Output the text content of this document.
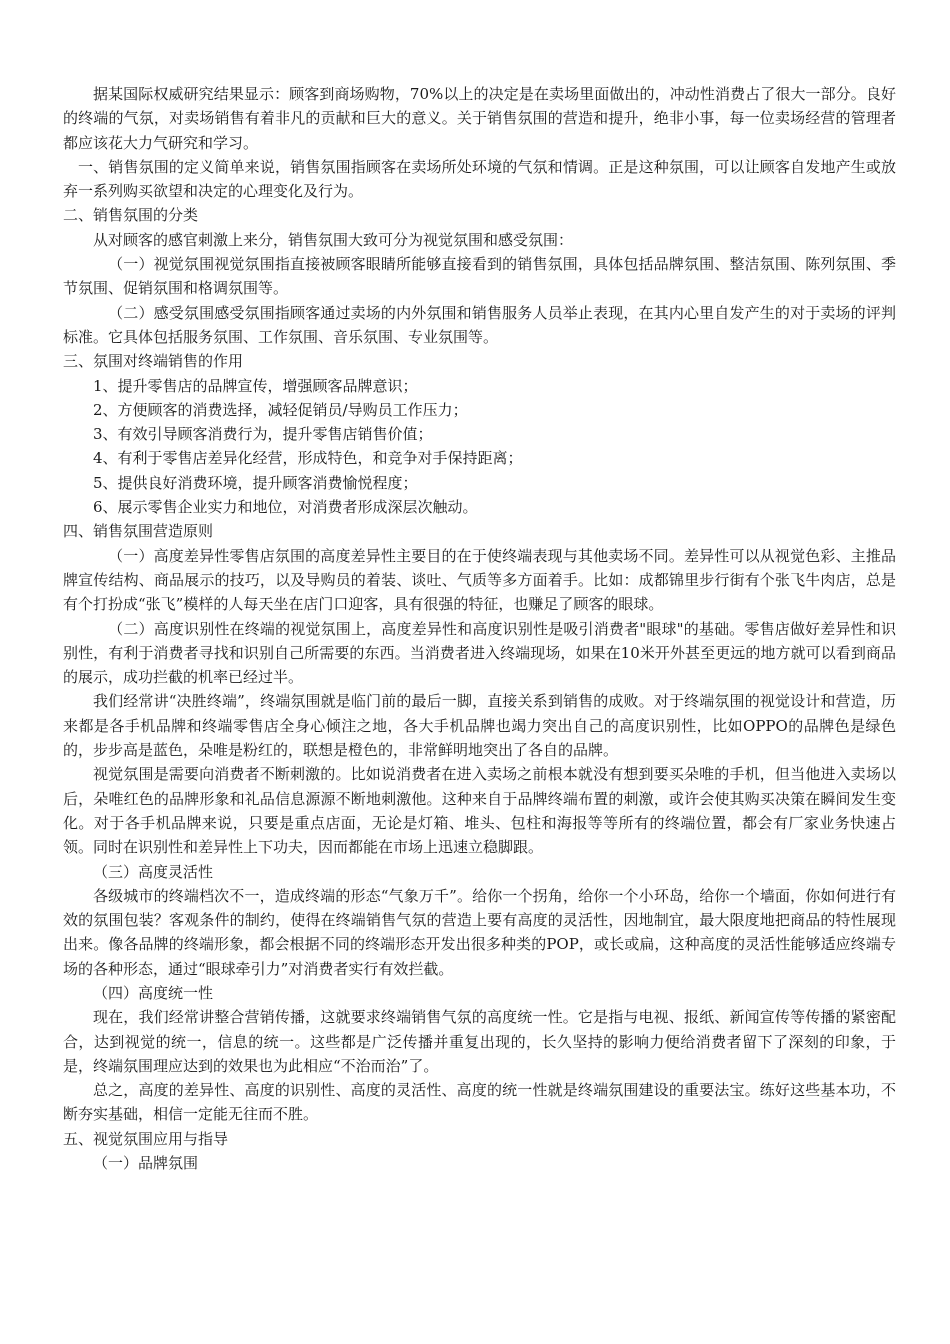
据某国际权威研究结果显示：顾客到商场购物，70%以上的决定是在卖场里面做出的，冲动性消费占了很大一部分。良好的终端的气氛，对卖场销售有着非凡的贡献和巨大的意义。关于销售氛围的营造和提升，绝非小事，每一位卖场经营的管理者都应该花大力气研究和学习。

一、销售氛围的定义简单来说，销售氛围指顾客在卖场所处环境的气氛和情调。正是这种氛围，可以让顾客自发地产生或放弃一系列购买欲望和决定的心理变化及行为。

二、销售氛围的分类

从对顾客的感官刺激上来分，销售氛围大致可分为视觉氛围和感受氛围：

（一）视觉氛围视觉氛围指直接被顾客眼睛所能够直接看到的销售氛围，具体包括品牌氛围、整洁氛围、陈列氛围、季节氛围、促销氛围和格调氛围等。

（二）感受氛围感受氛围指顾客通过卖场的内外氛围和销售服务人员举止表现，在其内心里自发产生的对于卖场的评判标准。它具体包括服务氛围、工作氛围、音乐氛围、专业氛围等。

三、氛围对终端销售的作用

1、提升零售店的品牌宣传，增强顾客品牌意识；

2、方便顾客的消费选择，减轻促销员/导购员工作压力；

3、有效引导顾客消费行为，提升零售店销售价值；

4、有利于零售店差异化经营，形成特色，和竞争对手保持距离；

5、提供良好消费环境，提升顾客消费愉悦程度；

6、展示零售企业实力和地位，对消费者形成深层次触动。

四、销售氛围营造原则

（一）高度差异性零售店氛围的高度差异性主要目的在于使终端表现与其他卖场不同。差异性可以从视觉色彩、主推品牌宣传结构、商品展示的技巧，以及导购员的着装、谈吐、气质等多方面着手。比如：成都锦里步行街有个张飞牛肉店，总是有个打扮成“张飞”模样的人每天坐在店门口迎客，具有很强的特征，也赚足了顾客的眼球。

（二）高度识别性在终端的视觉氛围上，高度差异性和高度识别性是吸引消费者"眼球"的基础。零售店做好差异性和识别性，有利于消费者寻找和识别自己所需要的东西。当消费者进入终端现场，如果在10米开外甚至更远的地方就可以看到商品的展示，成功拦截的机率已经过半。

我们经常讲“决胜终端”，终端氛围就是临门前的最后一脚，直接关系到销售的成败。对于终端氛围的视觉设计和营造，历来都是各手机品牌和终端零售店全身心倾注之地，各大手机品牌也竭力突出自己的高度识别性，比如OPPO的品牌色是绿色的，步步高是蓝色，朵唯是粉红的，联想是橙色的，非常鲜明地突出了各自的品牌。

视觉氛围是需要向消费者不断刺激的。比如说消费者在进入卖场之前根本就没有想到要买朵唯的手机，但当他进入卖场以后，朵唯红色的品牌形象和礼品信息源源不断地刺激他。这种来自于品牌终端布置的刺激，或许会使其购买决策在瞬间发生变化。对于各手机品牌来说，只要是重点店面，无论是灯箱、堆头、包柱和海报等等所有的终端位置，都会有厂家业务快速占领。同时在识别性和差异性上下功夫，因而都能在市场上迅速立稳脚跟。

（三）高度灵活性

各级城市的终端档次不一，造成终端的形态“气象万千”。给你一个拐角，给你一个小环岛，给你一个墙面，你如何进行有效的氛围包装？客观条件的制约，使得在终端销售气氛的营造上要有高度的灵活性，因地制宜，最大限度地把商品的特性展现出来。像各品牌的终端形象，都会根据不同的终端形态开发出很多种类的POP，或长或扁，这种高度的灵活性能够适应终端专场的各种形态，通过“眼球牵引力”对消费者实行有效拦截。

（四）高度统一性

现在，我们经常讲整合营销传播，这就要求终端销售气氛的高度统一性。它是指与电视、报纸、新闻宣传等传播的紧密配合，达到视觉的统一，信息的统一。这些都是广泛传播并重复出现的，长久坚持的影响力便给消费者留下了深刻的印象，于是，终端氛围理应达到的效果也为此相应“不治而治”了。

总之，高度的差异性、高度的识别性、高度的灵活性、高度的统一性就是终端氛围建设的重要法宝。练好这些基本功，不断夯实基础，相信一定能无往而不胜。

五、视觉氛围应用与指导

（一）品牌氛围
